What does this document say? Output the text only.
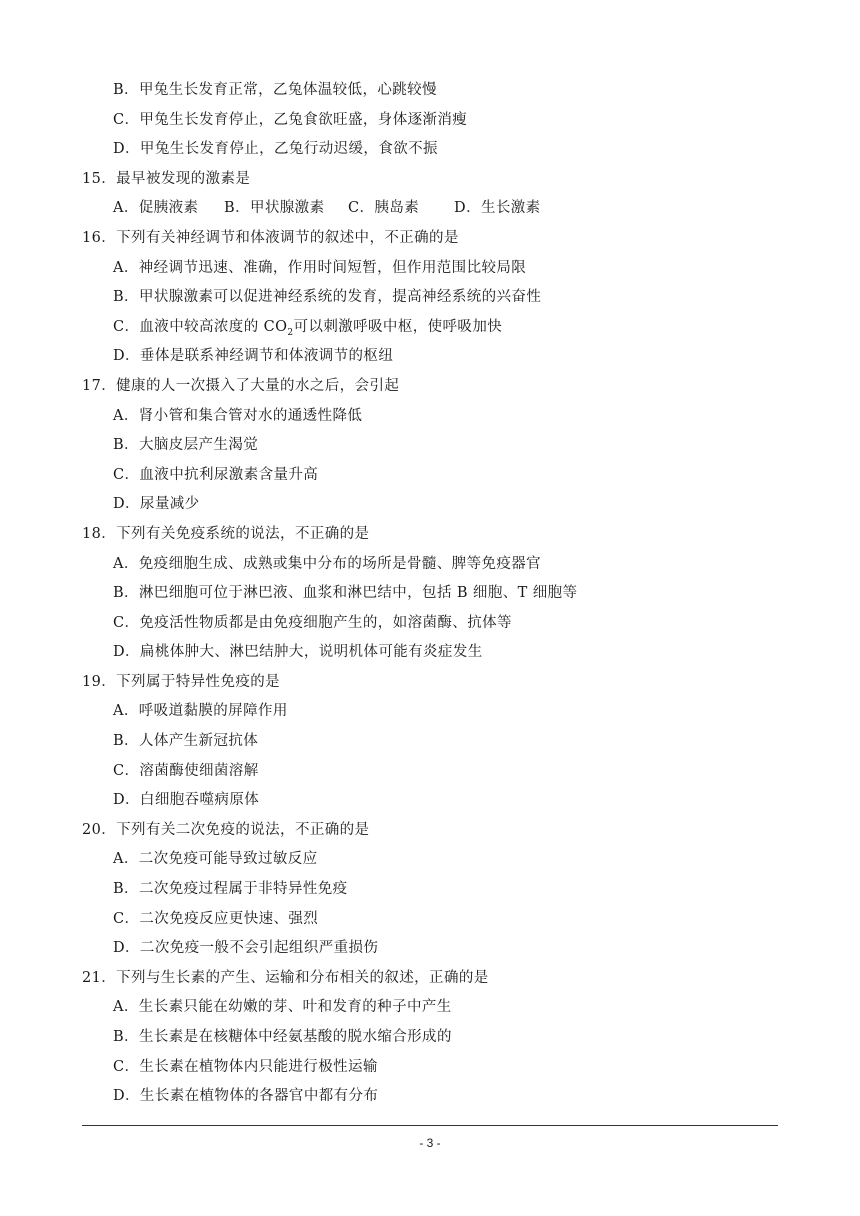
B．甲兔生长发育正常，乙兔体温较低，心跳较慢
C．甲兔生长发育停止，乙兔食欲旺盛，身体逐渐消瘦
D．甲兔生长发育停止，乙兔行动迟缓，食欲不振
15．最早被发现的激素是
A．促胰液素 B．甲状腺激素 C．胰岛素 D．生长激素
16．下列有关神经调节和体液调节的叙述中，不正确的是
A．神经调节迅速、准确，作用时间短暂，但作用范围比较局限
B．甲状腺激素可以促进神经系统的发育，提高神经系统的兴奋性
C．血液中较高浓度的 $CO_2$可以刺激呼吸中枢，使呼吸加快
D．垂体是联系神经调节和体液调节的枢纽
17．健康的人一次摄入了大量的水之后，会引起
A．肾小管和集合管对水的通透性降低
B．大脑皮层产生渴觉
C．血液中抗利尿激素含量升高
D．尿量减少
18．下列有关免疫系统的说法，不正确的是
A．免疫细胞生成、成熟或集中分布的场所是骨髓、脾等免疫器官
B．淋巴细胞可位于淋巴液、血浆和淋巴结中，包括 B 细胞、T 细胞等
C．免疫活性物质都是由免疫细胞产生的，如溶菌酶、抗体等
D．扁桃体肿大、淋巴结肿大，说明机体可能有炎症发生
19．下列属于特异性免疫的是
A．呼吸道黏膜的屏障作用
B．人体产生新冠抗体
C．溶菌酶使细菌溶解
D．白细胞吞噬病原体
20．下列有关二次免疫的说法，不正确的是
A．二次免疫可能导致过敏反应
B．二次免疫过程属于非特异性免疫
C．二次免疫反应更快速、强烈
D．二次免疫一般不会引起组织严重损伤
21．下列与生长素的产生、运输和分布相关的叙述，正确的是
A．生长素只能在幼嫩的芽、叶和发育的种子中产生
B．生长素是在核糖体中经氨基酸的脱水缩合形成的
C．生长素在植物体内只能进行极性运输
D．生长素在植物体的各器官中都有分布
- 3 -
